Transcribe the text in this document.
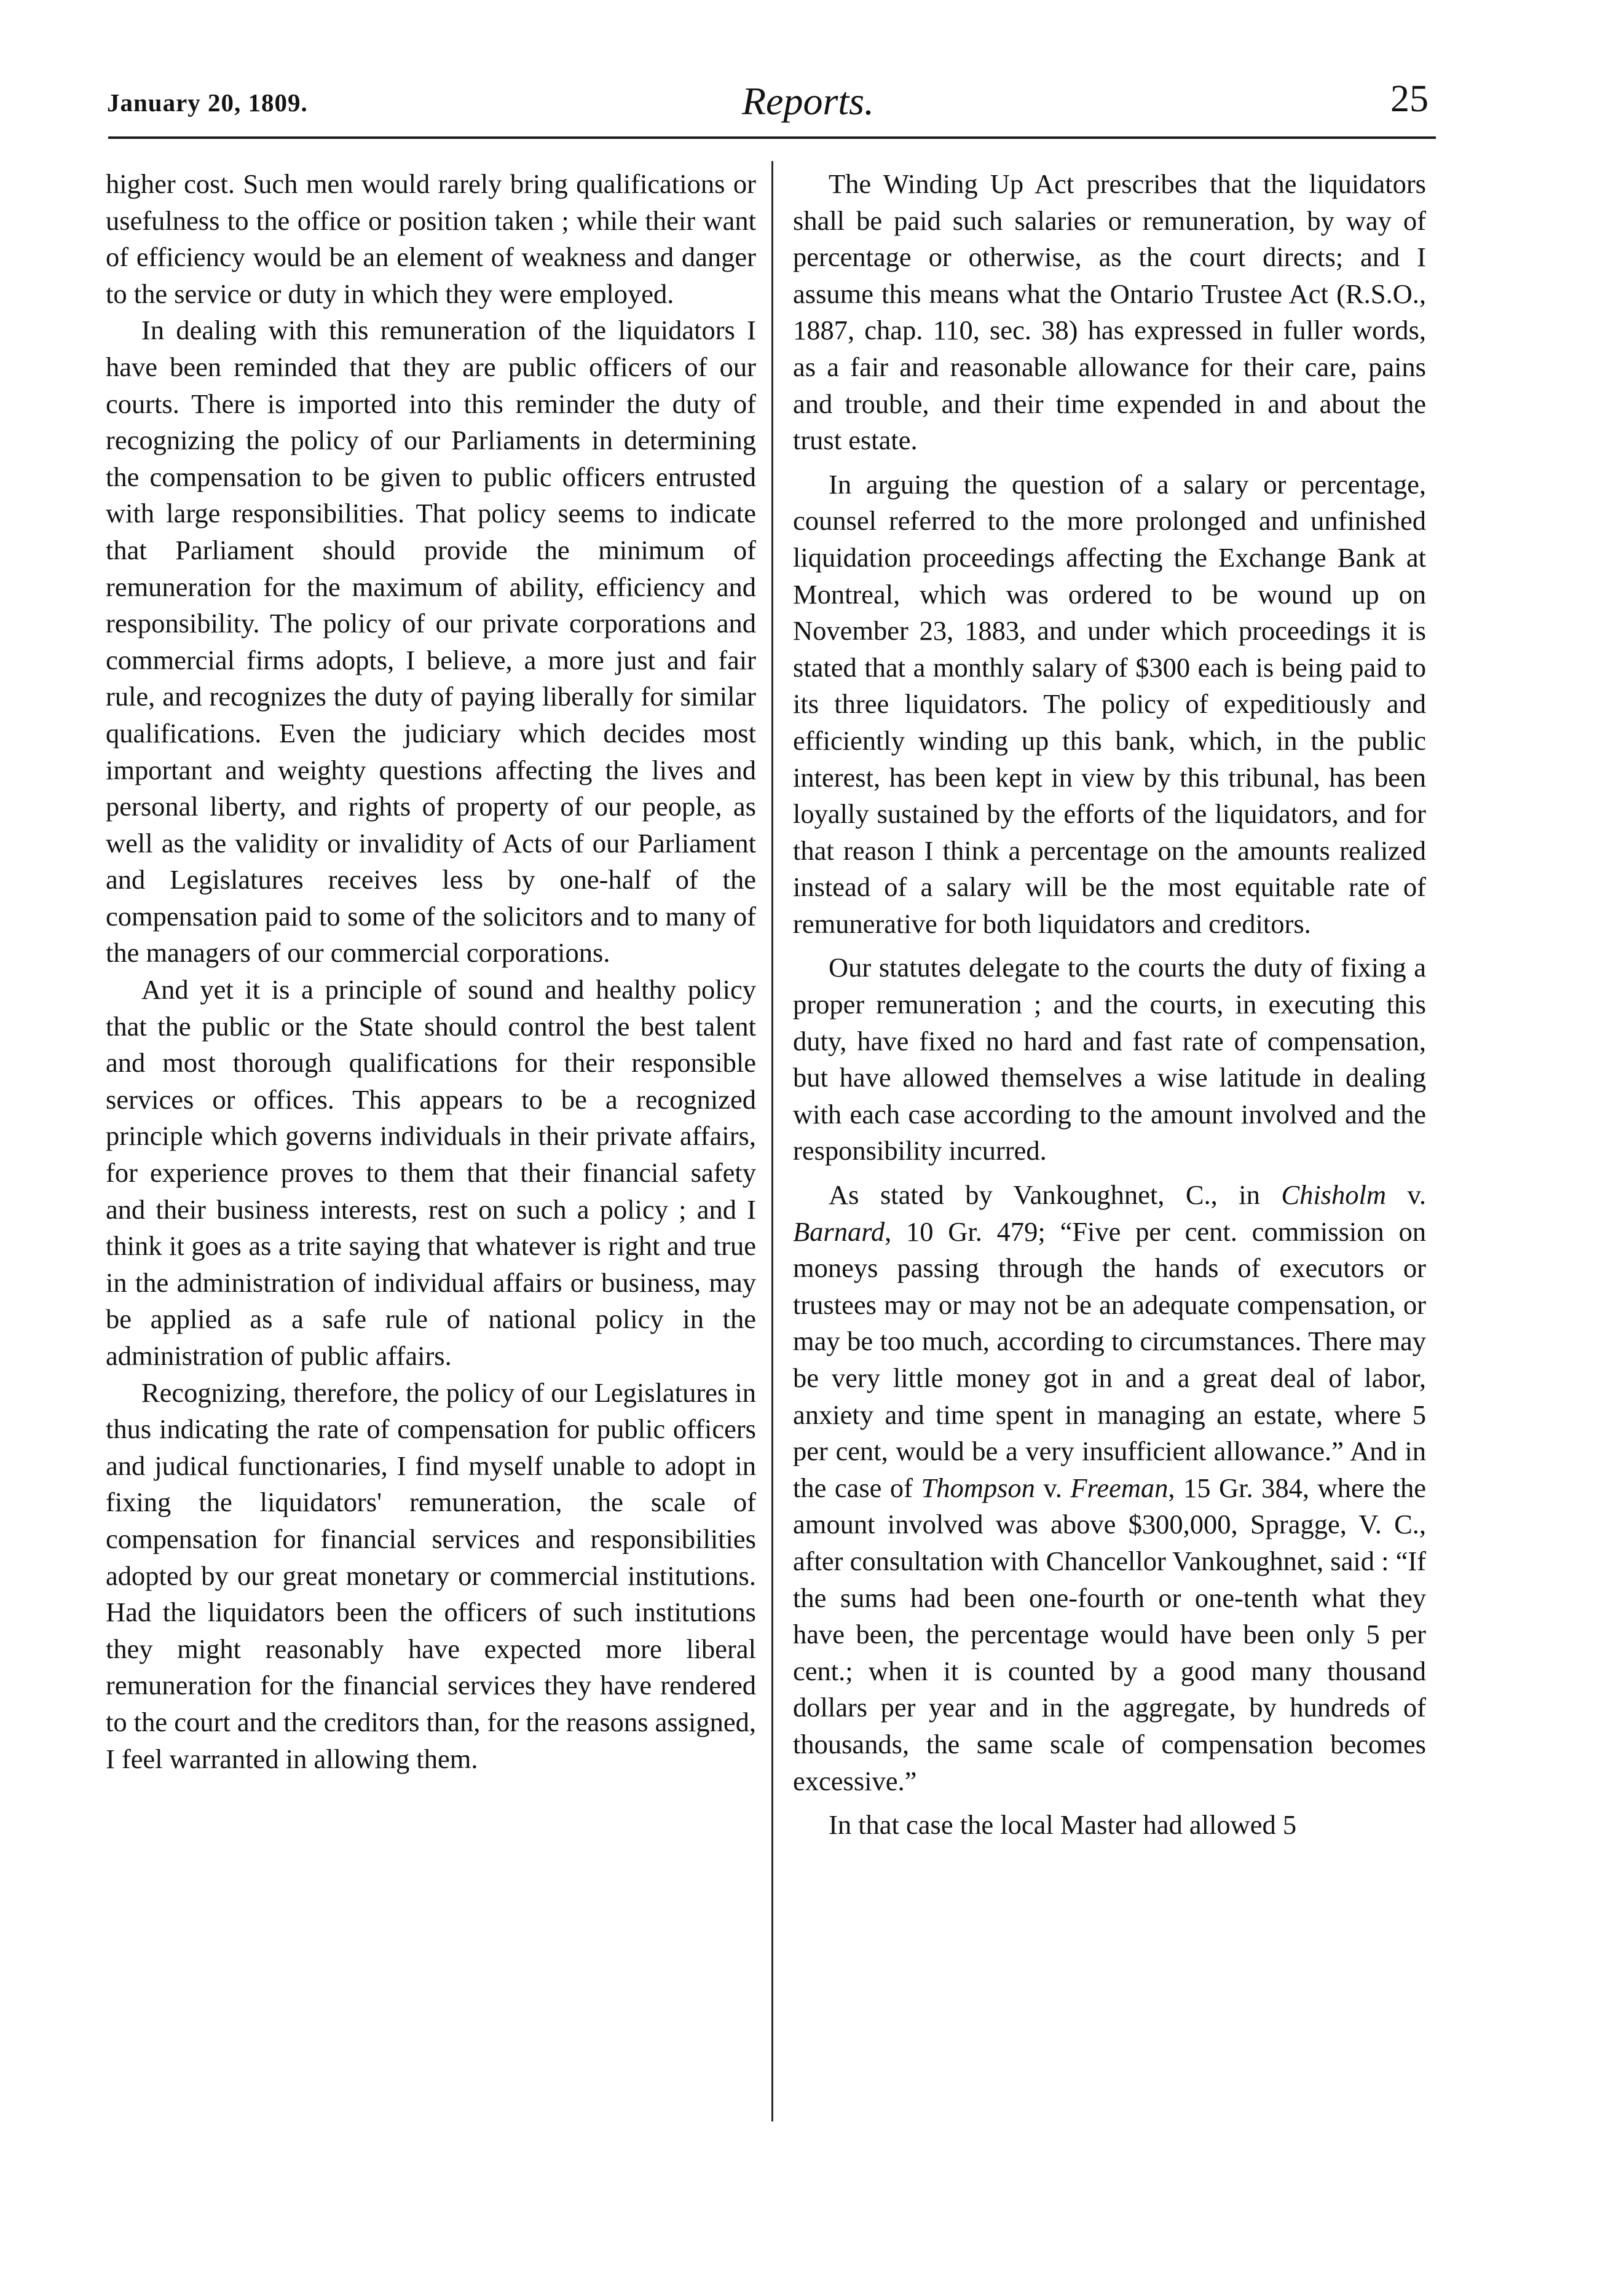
January 20, 1809.	Reports.	25

higher cost. Such men would rarely bring qualifications or usefulness to the office or position taken ; while their want of efficiency would be an element of weakness and danger to the service or duty in which they were employed.

In dealing with this remuneration of the liquidators I have been reminded that they are public officers of our courts. There is imported into this reminder the duty of recognizing the policy of our Parliaments in determining the compensation to be given to public officers entrusted with large responsibilities. That policy seems to indicate that Parliament should provide the minimum of remuneration for the maximum of ability, efficiency and responsibility. The policy of our private corporations and commercial firms adopts, I believe, a more just and fair rule, and recognizes the duty of paying liberally for similar qualifications. Even the judiciary which decides most important and weighty questions affecting the lives and personal liberty, and rights of property of our people, as well as the validity or invalidity of Acts of our Parliament and Legislatures receives less by one-half of the compensation paid to some of the solicitors and to many of the managers of our commercial corporations.

And yet it is a principle of sound and healthy policy that the public or the State should control the best talent and most thorough qualifications for their responsible services or offices. This appears to be a recognized principle which governs individuals in their private affairs, for experience proves to them that their financial safety and their business interests, rest on such a policy ; and I think it goes as a trite saying that whatever is right and true in the administration of individual affairs or business, may be applied as a safe rule of national policy in the administration of public affairs.

Recognizing, therefore, the policy of our Legislatures in thus indicating the rate of compensation for public officers and judical functionaries, I find myself unable to adopt in fixing the liquidators' remuneration, the scale of compensation for financial services and responsibilities adopted by our great monetary or commercial institutions. Had the liquidators been the officers of such institutions they might reasonably have expected more liberal remuneration for the financial services they have rendered to the court and the creditors than, for the reasons assigned, I feel warranted in allowing them.

The Winding Up Act prescribes that the liquidators shall be paid such salaries or remuneration, by way of percentage or otherwise, as the court directs; and I assume this means what the Ontario Trustee Act (R.S.O., 1887, chap. 110, sec. 38) has expressed in fuller words, as a fair and reasonable allowance for their care, pains and trouble, and their time expended in and about the trust estate.

In arguing the question of a salary or percentage, counsel referred to the more prolonged and unfinished liquidation proceedings affecting the Exchange Bank at Montreal, which was ordered to be wound up on November 23, 1883, and under which proceedings it is stated that a monthly salary of $300 each is being paid to its three liquidators. The policy of expeditiously and efficiently winding up this bank, which, in the public interest, has been kept in view by this tribunal, has been loyally sustained by the efforts of the liquidators, and for that reason I think a percentage on the amounts realized instead of a salary will be the most equitable rate of remunerative for both liquidators and creditors.

Our statutes delegate to the courts the duty of fixing a proper remuneration ; and the courts, in executing this duty, have fixed no hard and fast rate of compensation, but have allowed themselves a wise latitude in dealing with each case according to the amount involved and the responsibility incurred.

As stated by Vankoughnet, C., in Chisholm v. Barnard, 10 Gr. 479; “Five per cent. commission on moneys passing through the hands of executors or trustees may or may not be an adequate compensation, or may be too much, according to circumstances. There may be very little money got in and a great deal of labor, anxiety and time spent in managing an estate, where 5 per cent, would be a very insufficient allowance.” And in the case of Thompson v. Freeman, 15 Gr. 384, where the amount involved was above $300,000, Spragge, V. C., after consultation with Chancellor Vankoughnet, said : “If the sums had been one-fourth or one-tenth what they have been, the percentage would have been only 5 per cent.; when it is counted by a good many thousand dollars per year and in the aggregate, by hundreds of thousands, the same scale of compensation becomes excessive.”

In that case the local Master had allowed 5
